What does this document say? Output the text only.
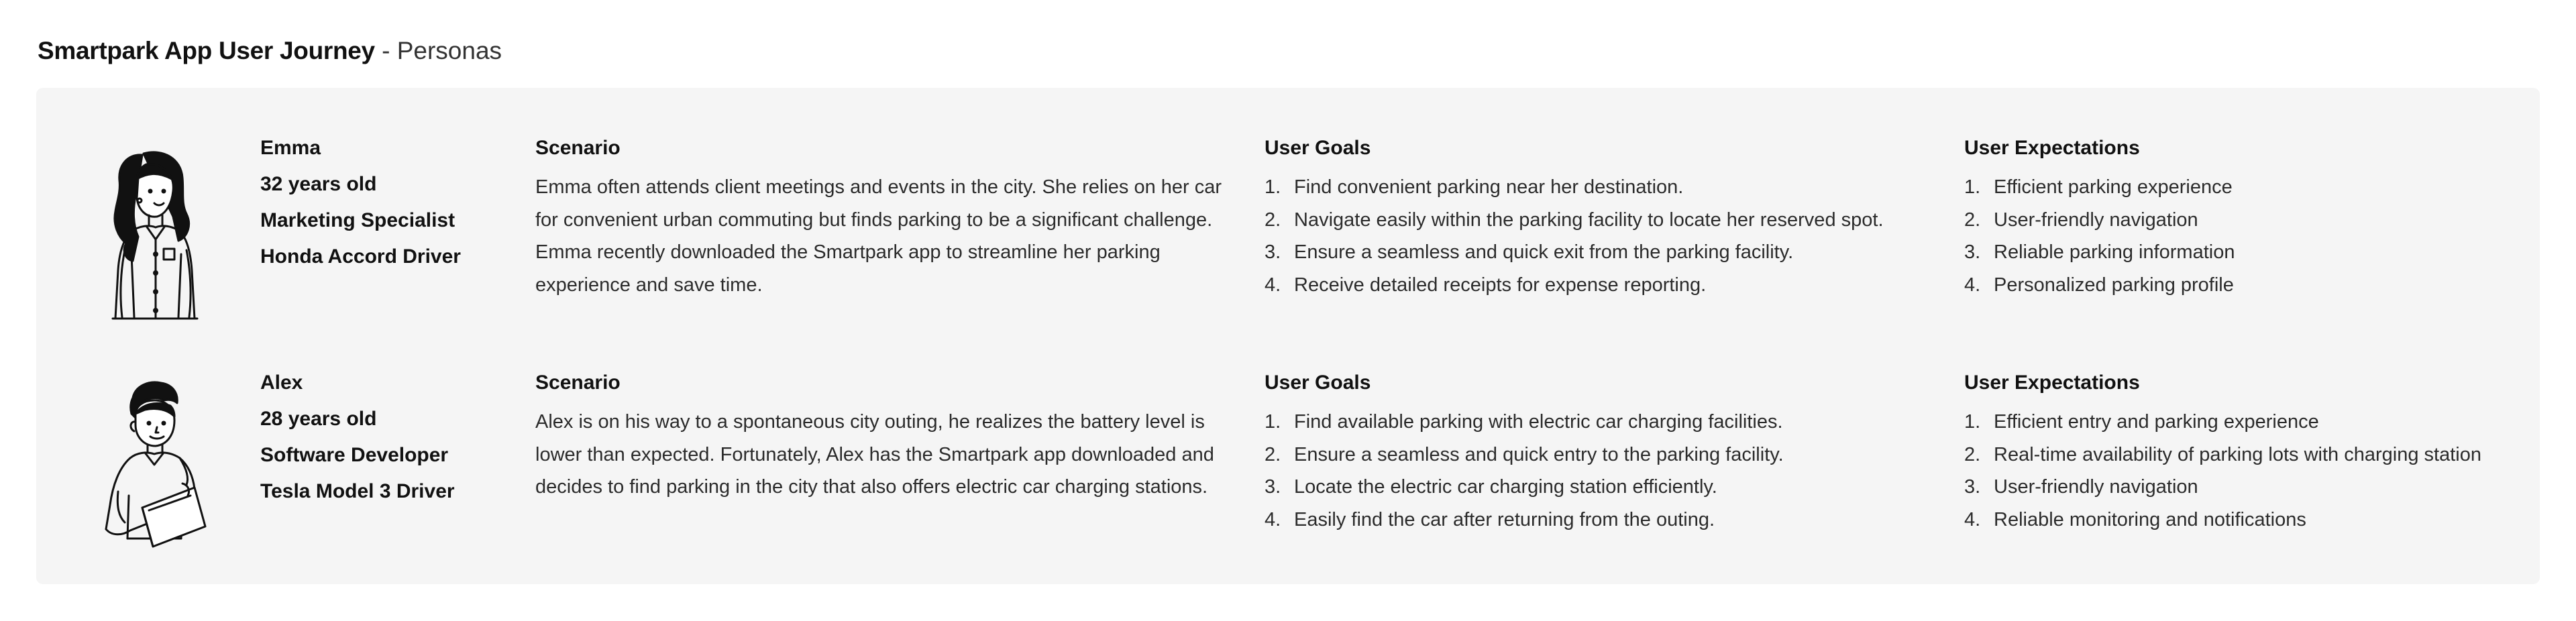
Smartpark App User Journey - Personas
Emma
32 years old
Marketing Specialist
Honda Accord Driver
Scenario
Emma often attends client meetings and events in the city. She relies on her car for convenient urban commuting but finds parking to be a significant challenge. Emma recently downloaded the Smartpark app to streamline her parking experience and save time.
User Goals
1. Find convenient parking near her destination.
2. Navigate easily within the parking facility to locate her reserved spot.
3. Ensure a seamless and quick exit from the parking facility.
4. Receive detailed receipts for expense reporting.
User Expectations
1. Efficient parking experience
2. User-friendly navigation
3. Reliable parking information
4. Personalized parking profile
Alex
28 years old
Software Developer
Tesla Model 3 Driver
Scenario
Alex is on his way to a spontaneous city outing, he realizes the battery level is lower than expected. Fortunately, Alex has the Smartpark app downloaded and decides to find parking in the city that also offers electric car charging stations.
User Goals
1. Find available parking with electric car charging facilities.
2. Ensure a seamless and quick entry to the parking facility.
3. Locate the electric car charging station efficiently.
4. Easily find the car after returning from the outing.
User Expectations
1. Efficient entry and parking experience
2. Real-time availability of parking lots with charging station
3. User-friendly navigation
4. Reliable monitoring and notifications
